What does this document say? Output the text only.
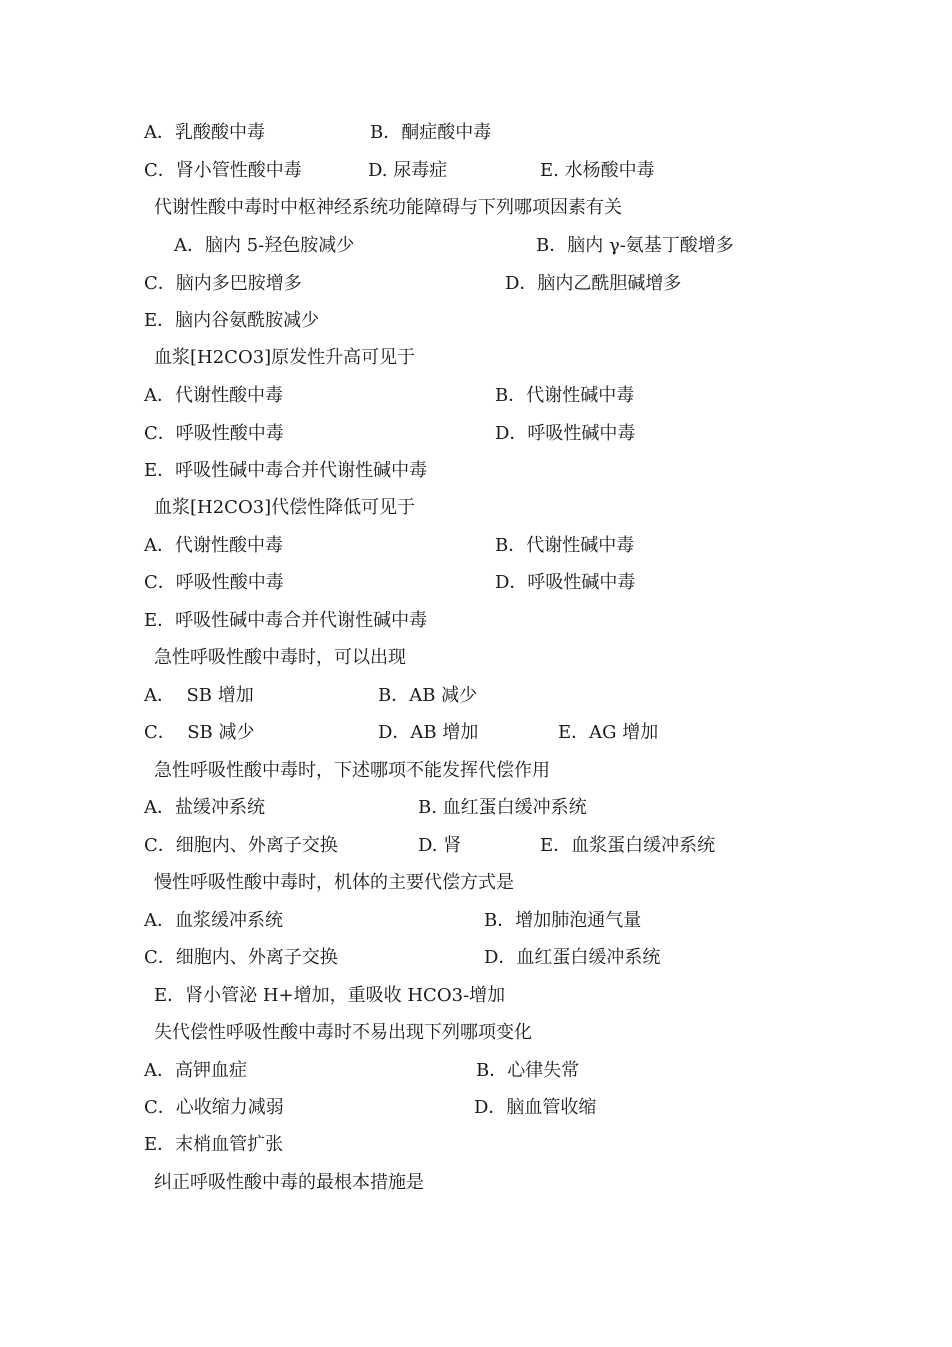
A．乳酸酸中毒	B．酮症酸中毒
C．肾小管性酸中毒	D. 尿毒症	E. 水杨酸中毒
代谢性酸中毒时中枢神经系统功能障碍与下列哪项因素有关
A．脑内 5-羟色胺减少	B．脑内 γ-氨基丁酸增多
C．脑内多巴胺增多	D．脑内乙酰胆碱增多
E．脑内谷氨酰胺减少
血浆[H2CO3]原发性升高可见于
A．代谢性酸中毒	B．代谢性碱中毒
C．呼吸性酸中毒	D．呼吸性碱中毒
E．呼吸性碱中毒合并代谢性碱中毒
血浆[H2CO3]代偿性降低可见于
A．代谢性酸中毒	B．代谢性碱中毒
C．呼吸性酸中毒	D．呼吸性碱中毒
E．呼吸性碱中毒合并代谢性碱中毒
急性呼吸性酸中毒时，可以出现
A．  SB 增加	B．AB 减少
C．  SB 减少	D．AB 增加	E．AG 增加
急性呼吸性酸中毒时，下述哪项不能发挥代偿作用
A．盐缓冲系统	B. 血红蛋白缓冲系统
C．细胞内、外离子交换	D. 肾	E．血浆蛋白缓冲系统
慢性呼吸性酸中毒时，机体的主要代偿方式是
A．血浆缓冲系统	B．增加肺泡通气量
C．细胞内、外离子交换	D．血红蛋白缓冲系统
E．肾小管泌 H+增加，重吸收 HCO3-增加
失代偿性呼吸性酸中毒时不易出现下列哪项变化
A．高钾血症	B．心律失常
C．心收缩力减弱	D．脑血管收缩
E．末梢血管扩张
纠正呼吸性酸中毒的最根本措施是
